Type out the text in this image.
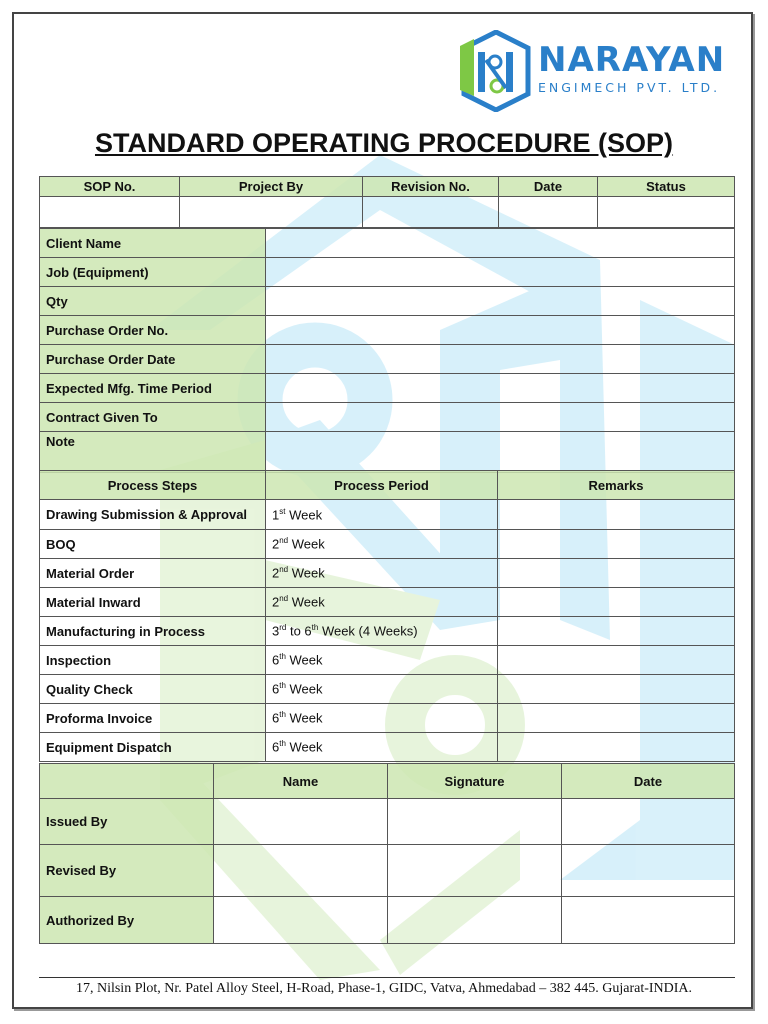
NARAYAN
ENGIMECH PVT. LTD.
STANDARD OPERATING PROCEDURE (SOP)
SOP No.	Project By	Revision No.	Date	Status

Client Name	
Job (Equipment)	
Qty	
Purchase Order No.	
Purchase Order Date	
Expected Mfg. Time Period	
Contract Given To	
Note	
Process Steps	Process Period	Remarks
Drawing Submission & Approval	1st Week	
BOQ	2nd Week	
Material Order	2nd Week	
Material Inward	2nd Week	
Manufacturing in Process	3rd to 6th Week (4 Weeks)	
Inspection	6th Week	
Quality Check	6th Week	
Proforma Invoice	6th Week	
Equipment Dispatch	6th Week	
	Name	Signature	Date
Issued By			
Revised By			
Authorized By			
17, Nilsin Plot, Nr. Patel Alloy Steel, H-Road, Phase-1, GIDC, Vatva, Ahmedabad – 382 445. Gujarat-INDIA.
